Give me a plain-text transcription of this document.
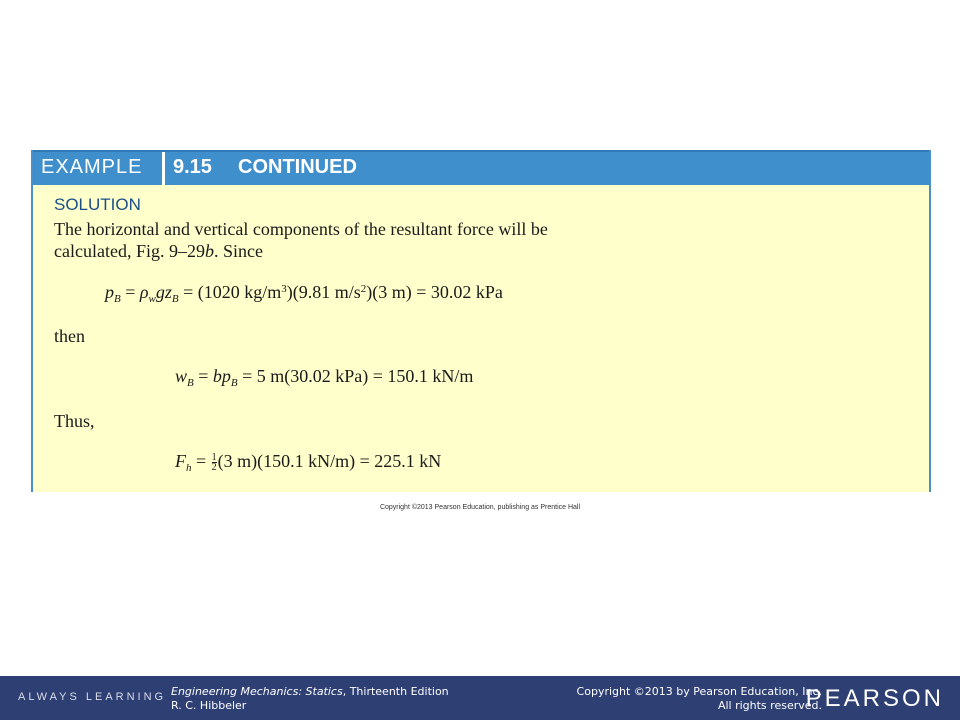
EXAMPLE 9.15 CONTINUED
SOLUTION
The horizontal and vertical components of the resultant force will be
calculated, Fig. 9–29b. Since
$p_B = \rho_wgz_B = (1020$ $kg/m^3)(9.81$ $m/s^2)(3$ m) = 30.02 kPa
then
$w_B = bp_B = 5$ m(30.02 kPa) = 150.1 kN/m
Thus,
$F_h = \frac{1}{2} (3$ m)(150.1 kN/m) = 225.1 kN
Copyright ©2013 Pearson Education, publishing as Prentice Hall
ALWAYS LEARNING Engineering Mechanics: Statics, Thirteenth Edition
R. C. Hibbeler
Copyright ©2013 by Pearson Education, Inc.
All rights reserved.
PEARSON
